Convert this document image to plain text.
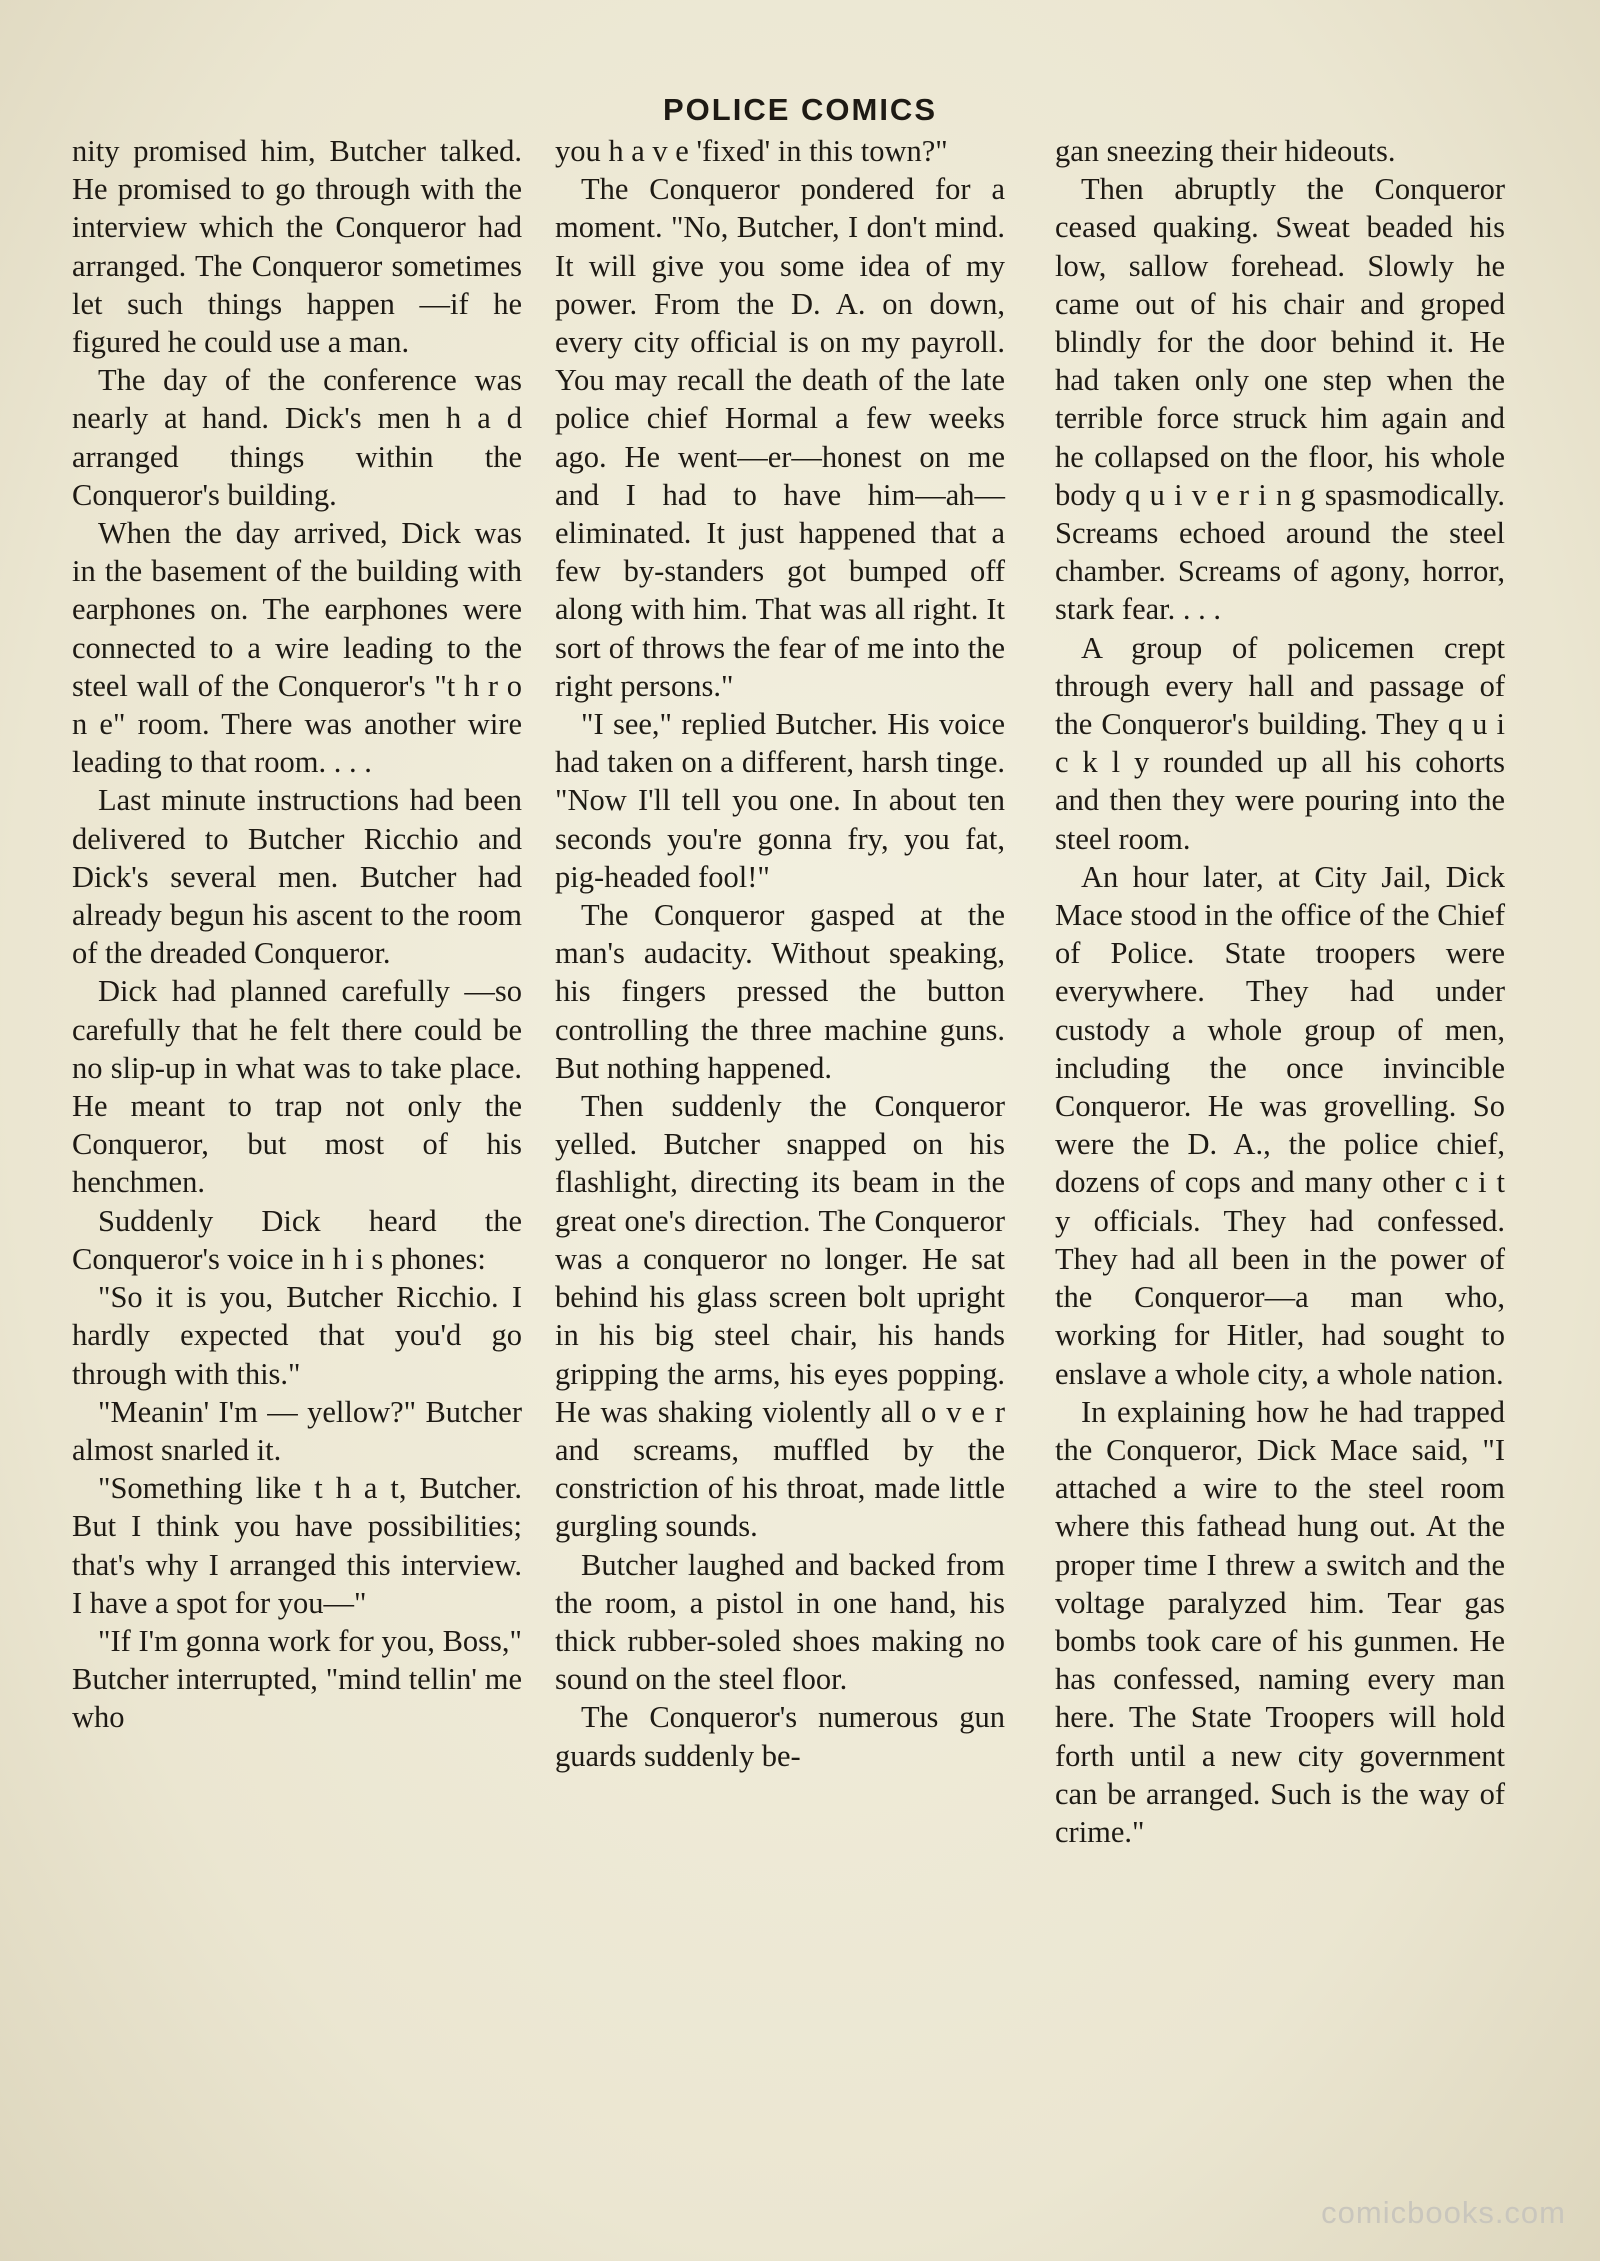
POLICE COMICS

nity promised him, Butcher talked. He promised to go through with the interview which the Conqueror had arranged. The Conqueror sometimes let such things happen —if he figured he could use a man.

The day of the conference was nearly at hand. Dick's men h a d arranged things within the Conqueror's building.

When the day arrived, Dick was in the basement of the building with earphones on. The earphones were connected to a wire leading to the steel wall of the Conqueror's "t h r o n e" room. There was another wire leading to that room. . . .

Last minute instructions had been delivered to Butcher Ricchio and Dick's several men. Butcher had already begun his ascent to the room of the dreaded Conqueror.

Dick had planned carefully —so carefully that he felt there could be no slip-up in what was to take place. He meant to trap not only the Conqueror, but most of his henchmen.

Suddenly Dick heard the Conqueror's voice in h i s phones:

"So it is you, Butcher Ricchio. I hardly expected that you'd go through with this."

"Meanin' I'm — yellow?" Butcher almost snarled it.

"Something like t h a t, Butcher. But I think you have possibilities; that's why I arranged this interview. I have a spot for you—"

"If I'm gonna work for you, Boss," Butcher interrupted, "mind tellin' me who

you h a v e 'fixed' in this town?"

The Conqueror pondered for a moment. "No, Butcher, I don't mind. It will give you some idea of my power. From the D. A. on down, every city official is on my payroll. You may recall the death of the late police chief Hormal a few weeks ago. He went—er—honest on me and I had to have him—ah—eliminated. It just happened that a few by-standers got bumped off along with him. That was all right. It sort of throws the fear of me into the right persons."

"I see," replied Butcher. His voice had taken on a different, harsh tinge. "Now I'll tell you one. In about ten seconds you're gonna fry, you fat, pig-headed fool!"

The Conqueror gasped at the man's audacity. Without speaking, his fingers pressed the button controlling the three machine guns. But nothing happened.

Then suddenly the Conqueror yelled. Butcher snapped on his flashlight, directing its beam in the great one's direction. The Conqueror was a conqueror no longer. He sat behind his glass screen bolt upright in his big steel chair, his hands gripping the arms, his eyes popping. He was shaking violently all o v e r and screams, muffled by the constriction of his throat, made little gurgling sounds.

Butcher laughed and backed from the room, a pistol in one hand, his thick rubber-soled shoes making no sound on the steel floor.

The Conqueror's numerous gun guards suddenly be-

gan sneezing their hideouts.

Then abruptly the Conqueror ceased quaking. Sweat beaded his low, sallow forehead. Slowly he came out of his chair and groped blindly for the door behind it. He had taken only one step when the terrible force struck him again and he collapsed on the floor, his whole body q u i v e r i n g spasmodically. Screams echoed around the steel chamber. Screams of agony, horror, stark fear. . . .

A group of policemen crept through every hall and passage of the Conqueror's building. They q u i c k l y rounded up all his cohorts and then they were pouring into the steel room.

An hour later, at City Jail, Dick Mace stood in the office of the Chief of Police. State troopers were everywhere. They had under custody a whole group of men, including the once invincible Conqueror. He was grovelling. So were the D. A., the police chief, dozens of cops and many other c i t y officials. They had confessed. They had all been in the power of the Conqueror—a man who, working for Hitler, had sought to enslave a whole city, a whole nation.

In explaining how he had trapped the Conqueror, Dick Mace said, "I attached a wire to the steel room where this fathead hung out. At the proper time I threw a switch and the voltage paralyzed him. Tear gas bombs took care of his gunmen. He has confessed, naming every man here. The State Troopers will hold forth until a new city government can be arranged. Such is the way of crime."

comicbooks.com
